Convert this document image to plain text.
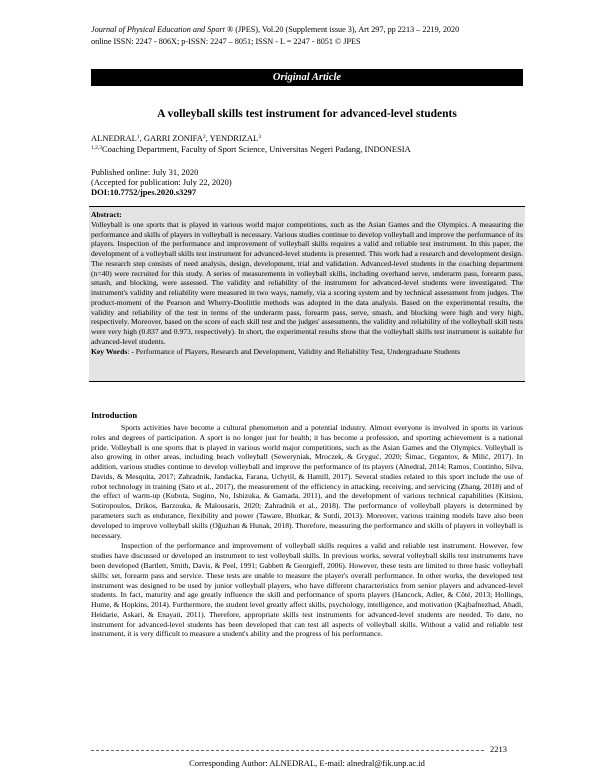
Journal of Physical Education and Sport ® (JPES), Vol.20 (Supplement issue 3), Art 297, pp 2213 – 2219, 2020
online ISSN: 2247 - 806X; p-ISSN: 2247 – 8051; ISSN - L = 2247 - 8051 © JPES
Original Article
A volleyball skills test instrument for advanced-level students
ALNEDRAL$^1$, GARRI ZONIFA$^2$, YENDRIZAL$^3$
$^{1,2,3}$Coaching Department, Faculty of Sport Science, Universitas Negeri Padang, INDONESIA
Published online: July 31, 2020
(Accepted for publication: July 22, 2020)
DOI:10.7752/jpes.2020.s3297
Abstract:
Volleyball is one sports that is played in various world major competitions, such as the Asian Games and the Olympics. A measuring the performance and skills of players in volleyball is necessary. Various studies continue to develop volleyball and improve the performance of its players. Inspection of the performance and improvement of volleyball skills requires a valid and reliable test instrument. In this paper, the development of a volleyball skills test instrument for advanced-level students is presented. This work had a research and development design. The research step consists of need analysis, design, development, trial and validation. Advanced-level students in the coaching department (n=40) were recruited for this study. A series of measurements in volleyball skills, including overhand serve, underarm pass, forearm pass, smash, and blocking, were assessed. The validity and reliability of the instrument for advanced-level students were investigated. The instrument's validity and reliability were measured in two ways, namely, via a scoring system and by technical assessment from judges. The product-moment of the Pearson and Wherry-Doolittle methods was adopted in the data analysis. Based on the experimental results, the validity and reliability of the test in terms of the underarm pass, forearm pass, serve, smash, and blocking were high and very high, respectively. Moreover, based on the score of each skill test and the judges' assessments, the validity and reliability of the volleyball skill tests were very high (0.837 and 0.973, respectively). In short, the experimental results show that the volleyball skills test instrument is suitable for advanced-level students.
Key Words: - Performance of Players, Research and Development, Validity and Reliability Test, Undergraduate Students
Introduction

Sports activities have become a cultural phenomenon and a potential industry. Almost everyone is involved in sports in various roles and degrees of participation. A sport is no longer just for health; it has become a profession, and sporting achievement is a national pride. Volleyball is one sports that is played in various world major competitions, such as the Asian Games and the Olympics. Volleyball is also growing in other areas, including beach volleyball (Seweryniak, Mroczek, & Gryguć, 2020; Šimac, Grgantov, & Milić, 2017). In addition, various studies continue to develop volleyball and improve the performance of its players (Alnedral, 2014; Ramos, Coutinho, Silva, Davids, & Mesquita, 2017; Zahradnik, Jandacka, Farana, Uchytil, & Hamill, 2017). Several studies related to this sport include the use of robot technology in training (Sato et al., 2017), the measurement of the efficiency in attacking, receiving, and servicing (Zhang, 2018) and of the effect of warm-up (Kubota, Sugino, No, Ishizuka, & Gamada, 2011), and the development of various technical capabilities (Kitsiou, Sotiropoulos, Drikos, Barzouka, & Malousaris, 2020; Zahradnik et al., 2018). The performance of volleyball players is determined by parameters such as endurance, flexibility and power (Taware, Bhutkar, & Surdi, 2013). Moreover, various training models have also been developed to improve volleyball skills (Oğuzhan & Hunak, 2018). Therefore, measuring the performance and skills of players in volleyball is necessary.

Inspection of the performance and improvement of volleyball skills requires a valid and reliable test instrument. However, few studies have discussed or developed an instrument to test volleyball skills. In previous works, several volleyball skills test instruments have been developed (Bartlett, Smith, Davis, & Peel, 1991; Gabbett & Georgieff, 2006). However, these tests are limited to three basic volleyball skills: set, forearm pass and service. These tests are unable to measure the player's overall performance. In other works, the developed test instrument was designed to be used by junior volleyball players, who have different characteristics from senior players and advanced-level students. In fact, maturity and age greatly influence the skill and performance of sports players (Hancock, Adler, & Côté, 2013; Hollings, Hume, & Hopkins, 2014). Furthermore, the student level greatly affect skills, psychology, intelligence, and motivation (Kajbafnezhad, Ahadi, Heidarie, Askari, & Enayati, 2011). Therefore, appropriate skills test instruments for advanced-level students are needed. To date, no instrument for advanced-level students has been developed that can test all aspects of volleyball skills. Without a valid and reliable test instrument, it is very difficult to measure a student's ability and the progress of his performance.

2213
Corresponding Author: ALNEDRAL, E-mail: alnedral@fik.unp.ac.id
